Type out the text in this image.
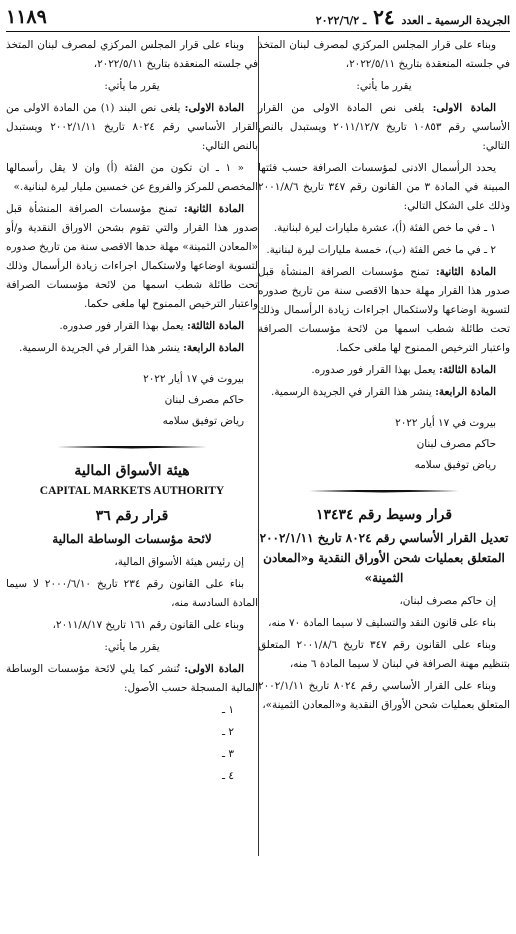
الجريدة الرسمية ـ العدد ٢٤ ـ ٢٠٢٢/٦/٢
١١٨٩

وبناء على قرار المجلس المركزي لمصرف لبنان المتخذ في جلسته المنعقدة بتاريخ ٢٠٢٢/٥/١١،

يقرر ما يأتي:

المادة الاولى: يلغى نص المادة الاولى من القرار الأساسي رقم ١٠٨٥٣ تاريخ ٢٠١١/١٢/٧ ويستبدل بالنص التالي:

يحدد الرأسمال الادنى لمؤسسات الصرافة حسب فئتها المبينة في المادة ٣ من القانون رقم ٣٤٧ تاريخ ٢٠٠١/٨/٦ وذلك على الشكل التالي:

١ ـ في ما خص الفئة (أ)، عشرة مليارات ليرة لبنانية.

٢ ـ في ما خص الفئة (ب)، خمسة مليارات ليرة لبنانية.

المادة الثانية: تمنح مؤسسات الصرافة المنشأة قبل صدور هذا القرار مهلة حدها الاقصى سنة من تاريخ صدوره لتسوية اوضاعها ولاستكمال اجراءات زيادة الرأسمال وذلك تحت طائلة شطب اسمها من لائحة مؤسسات الصرافة واعتبار الترخيص الممنوح لها ملغى حكما.

المادة الثالثة: يعمل بهذا القرار فور صدوره.

المادة الرابعة: ينشر هذا القرار في الجريدة الرسمية.

بيروت في ١٧ أيار ٢٠٢٢

حاكم مصرف لبنان

رياض توفيق سلامه

قرار وسيط رقم ١٣٤٣٤
تعديل القرار الأساسي رقم ٨٠٢٤ تاريخ ٢٠٠٢/١/١١
المتعلق بعمليات شحن الأوراق النقدية و«المعادن الثمينة»

إن حاكم مصرف لبنان،

بناء على قانون النقد والتسليف لا سيما المادة ٧٠ منه،

وبناء على القانون رقم ٣٤٧ تاريخ ٢٠٠١/٨/٦ المتعلق بتنظيم مهنة الصرافة في لبنان لا سيما المادة ٦ منه،

وبناء على القرار الأساسي رقم ٨٠٢٤ تاريخ ٢٠٠٢/١/١١ المتعلق بعمليات شحن الأوراق النقدية و«المعادن الثمينة»،

وبناء على قرار المجلس المركزي لمصرف لبنان المتخذ في جلسته المنعقدة بتاريخ ٢٠٢٢/٥/١١،

يقرر ما يأتي:

المادة الاولى: يلغى نص البند (١) من المادة الاولى من القرار الأساسي رقم ٨٠٢٤ تاريخ ٢٠٠٢/١/١١ ويستبدل بالنص التالي:

« ١ ـ ان تكون من الفئة (أ) وان لا يقل رأسمالها المخصص للمركز والفروع عن خمسين مليار ليرة لبنانية.»

المادة الثانية: تمنح مؤسسات الصرافة المنشأة قبل صدور هذا القرار والتي تقوم بشحن الاوراق النقدية و/أو «المعادن الثمينة» مهلة حدها الاقصى سنة من تاريخ صدوره لتسوية اوضاعها ولاستكمال اجراءات زيادة الرأسمال وذلك تحت طائلة شطب اسمها من لائحة مؤسسات الصرافة واعتبار الترخيص الممنوح لها ملغى حكما.

المادة الثالثة: يعمل بهذا القرار فور صدوره.

المادة الرابعة: ينشر هذا القرار في الجريدة الرسمية.

بيروت في ١٧ أيار ٢٠٢٢

حاكم مصرف لبنان

رياض توفيق سلامه

هيئة الأسواق المالية
CAPITAL MARKETS AUTHORITY
قرار رقم ٣٦
لائحة مؤسسات الوساطة المالية

إن رئيس هيئة الأسواق المالية،

بناء على القانون رقم ٢٣٤ تاريخ ٢٠٠٠/٦/١٠ لا سيما المادة السادسة منه،

وبناء على القانون رقم ١٦١ تاريخ ٢٠١١/٨/١٧،

يقرر ما يأتي:

المادة الاولى: تُنشر كما يلي لائحة مؤسسات الوساطة المالية المسجلة حسب الأصول:

١ ـ

٢ ـ

٣ ـ

٤ ـ
